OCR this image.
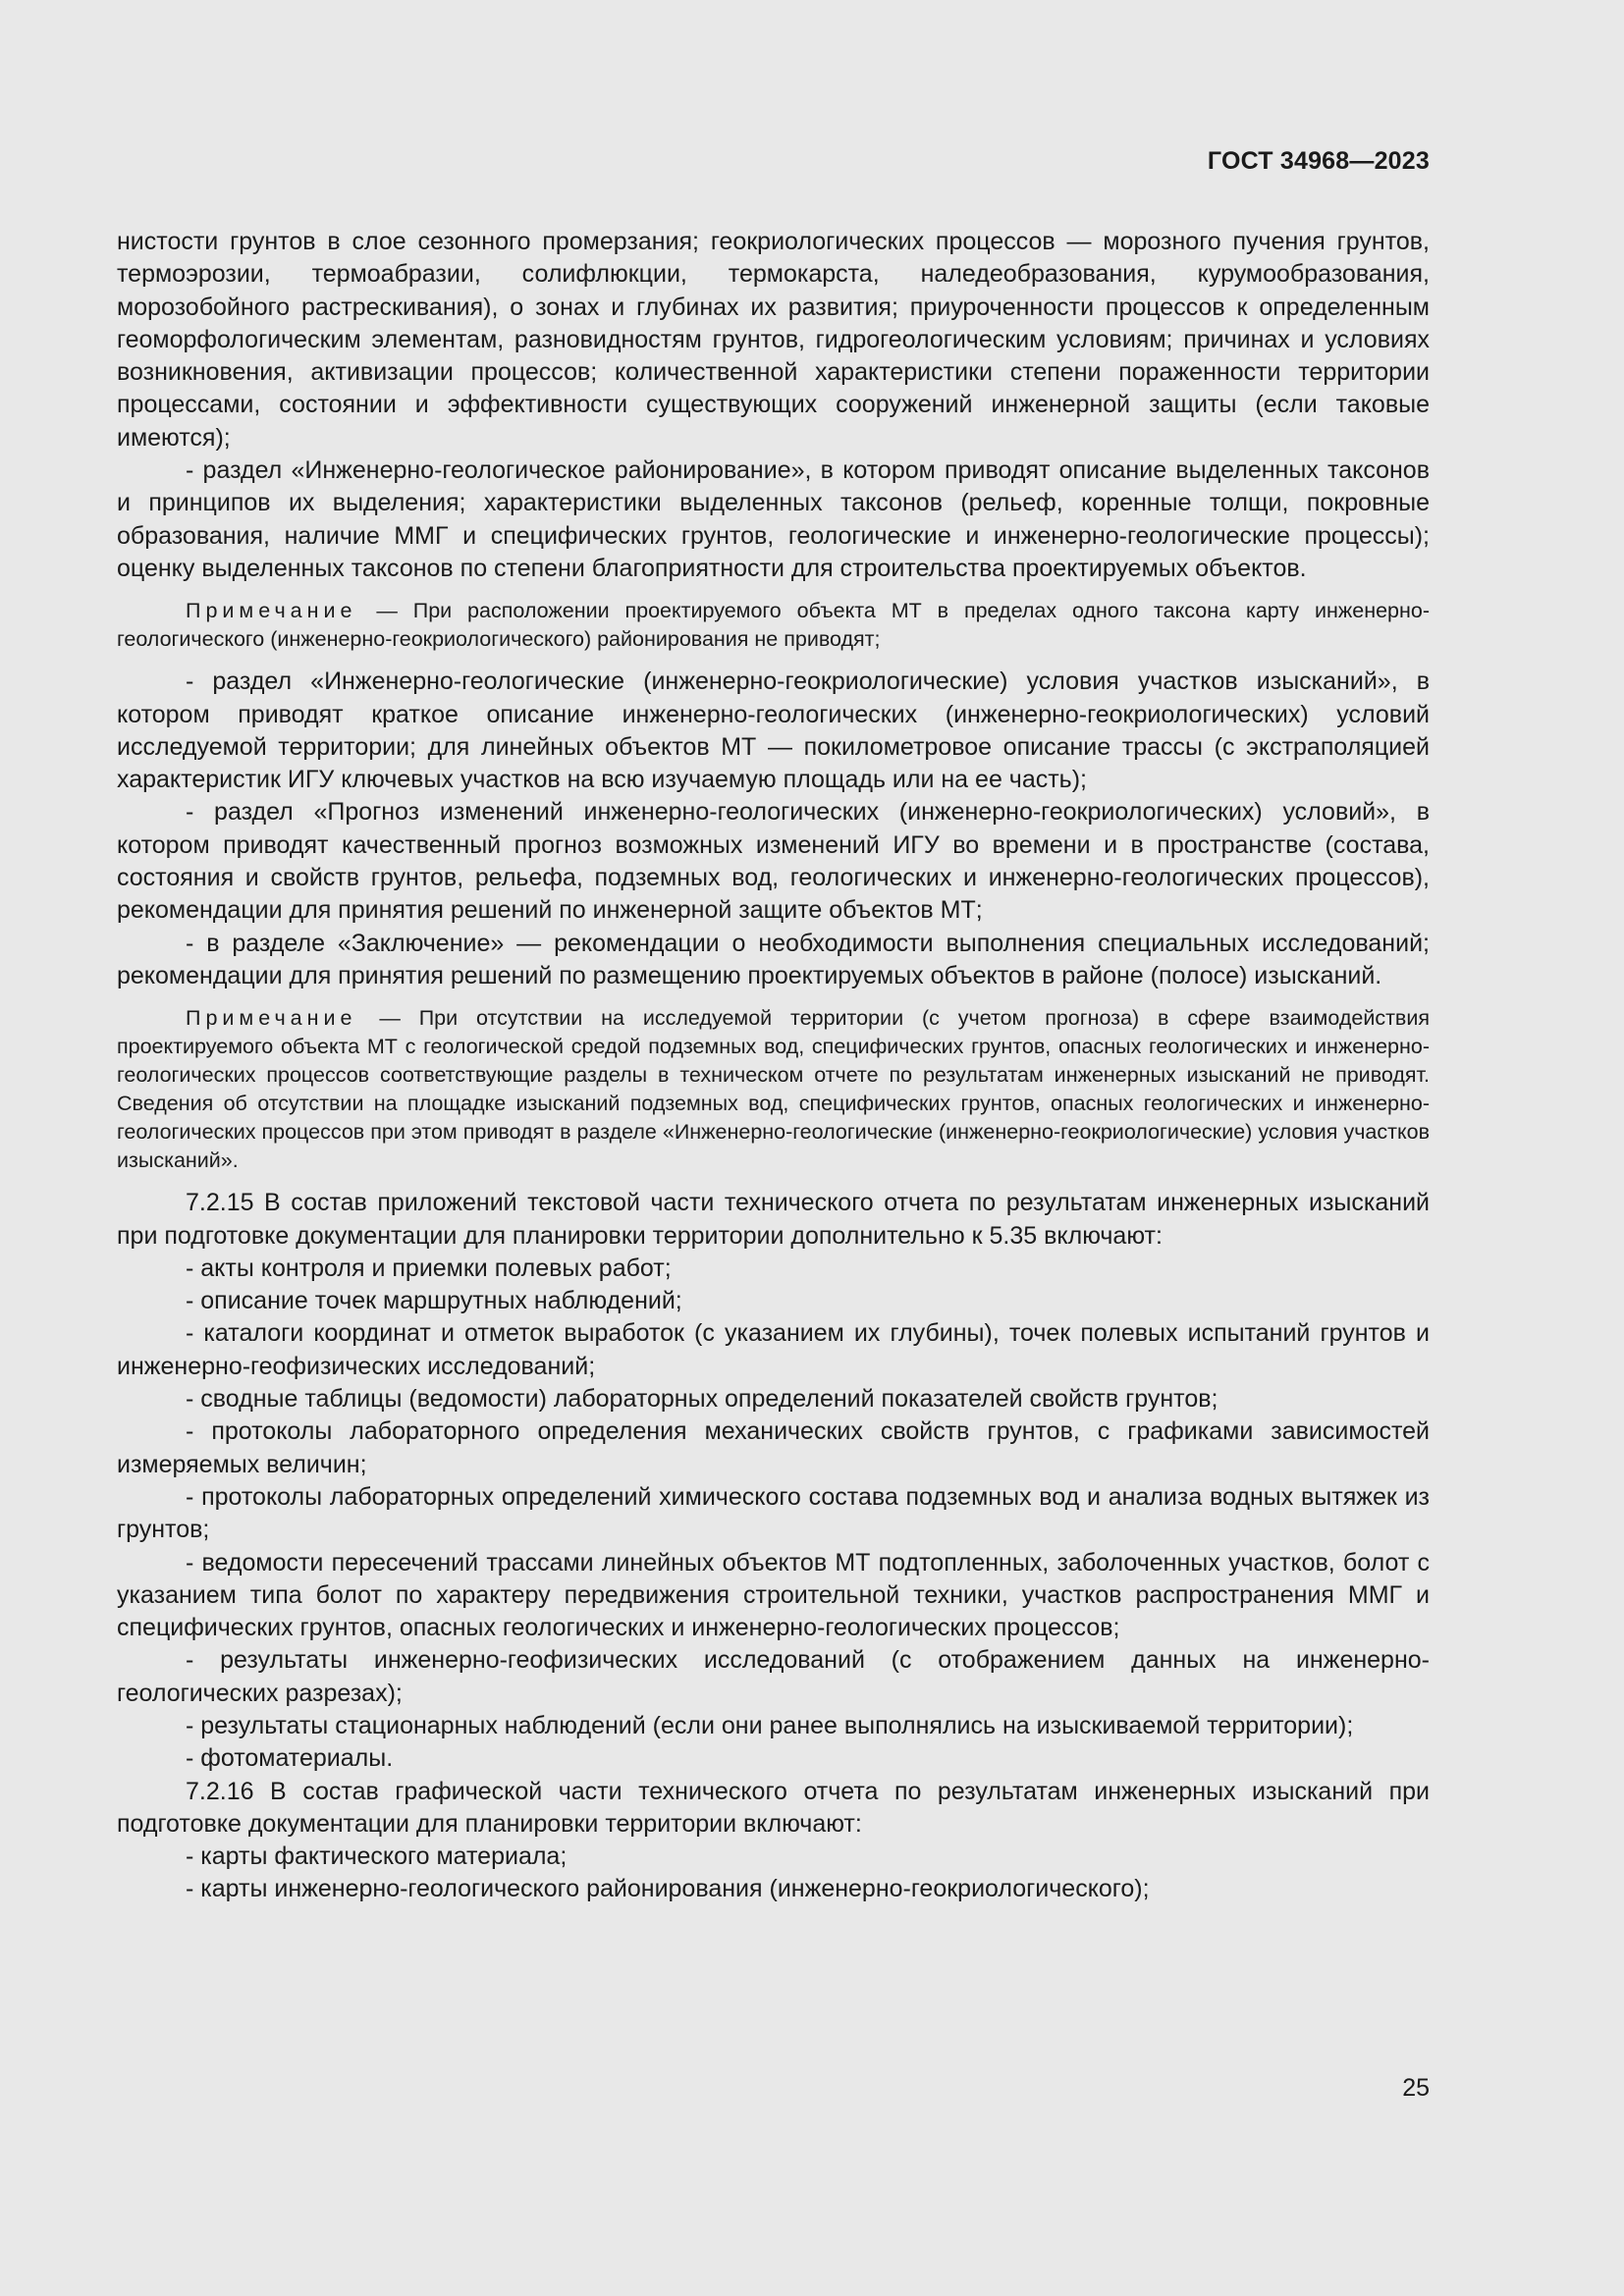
ГОСТ 34968—2023

нистости грунтов в слое сезонного промерзания; геокриологических процессов — морозного пучения грунтов, термоэрозии, термоабразии, солифлюкции, термокарста, наледеобразования, курумообразования, морозобойного растрескивания), о зонах и глубинах их развития; приуроченности процессов к определенным геоморфологическим элементам, разновидностям грунтов, гидрогеологическим условиям; причинах и условиях возникновения, активизации процессов; количественной характеристики степени пораженности территории процессами, состоянии и эффективности существующих сооружений инженерной защиты (если таковые имеются);

- раздел «Инженерно-геологическое районирование», в котором приводят описание выделенных таксонов и принципов их выделения; характеристики выделенных таксонов (рельеф, коренные толщи, покровные образования, наличие ММГ и специфических грунтов, геологические и инженерно-геологические процессы); оценку выделенных таксонов по степени благоприятности для строительства проектируемых объектов.

Примечание — При расположении проектируемого объекта МТ в пределах одного таксона карту инженерно-геологического (инженерно-геокриологического) районирования не приводят;

- раздел «Инженерно-геологические (инженерно-геокриологические) условия участков изысканий», в котором приводят краткое описание инженерно-геологических (инженерно-геокриологических) условий исследуемой территории; для линейных объектов МТ — покилометровое описание трассы (с экстраполяцией характеристик ИГУ ключевых участков на всю изучаемую площадь или на ее часть);

- раздел «Прогноз изменений инженерно-геологических (инженерно-геокриологических) условий», в котором приводят качественный прогноз возможных изменений ИГУ во времени и в пространстве (состава, состояния и свойств грунтов, рельефа, подземных вод, геологических и инженерно-геологических процессов), рекомендации для принятия решений по инженерной защите объектов МТ;

- в разделе «Заключение» — рекомендации о необходимости выполнения специальных исследований; рекомендации для принятия решений по размещению проектируемых объектов в районе (полосе) изысканий.

Примечание — При отсутствии на исследуемой территории (с учетом прогноза) в сфере взаимодействия проектируемого объекта МТ с геологической средой подземных вод, специфических грунтов, опасных геологических и инженерно-геологических процессов соответствующие разделы в техническом отчете по результатам инженерных изысканий не приводят. Сведения об отсутствии на площадке изысканий подземных вод, специфических грунтов, опасных геологических и инженерно-геологических процессов при этом приводят в разделе «Инженерно-геологические (инженерно-геокриологические) условия участков изысканий».

7.2.15 В состав приложений текстовой части технического отчета по результатам инженерных изысканий при подготовке документации для планировки территории дополнительно к 5.35 включают:

- акты контроля и приемки полевых работ;

- описание точек маршрутных наблюдений;

- каталоги координат и отметок выработок (с указанием их глубины), точек полевых испытаний грунтов и инженерно-геофизических исследований;

- сводные таблицы (ведомости) лабораторных определений показателей свойств грунтов;

- протоколы лабораторного определения механических свойств грунтов, с графиками зависимостей измеряемых величин;

- протоколы лабораторных определений химического состава подземных вод и анализа водных вытяжек из грунтов;

- ведомости пересечений трассами линейных объектов МТ подтопленных, заболоченных участков, болот с указанием типа болот по характеру передвижения строительной техники, участков распространения ММГ и специфических грунтов, опасных геологических и инженерно-геологических процессов;

- результаты инженерно-геофизических исследований (с отображением данных на инженерно-геологических разрезах);

- результаты стационарных наблюдений (если они ранее выполнялись на изыскиваемой территории);

- фотоматериалы.

7.2.16 В состав графической части технического отчета по результатам инженерных изысканий при подготовке документации для планировки территории включают:

- карты фактического материала;

- карты инженерно-геологического районирования (инженерно-геокриологического);

25
